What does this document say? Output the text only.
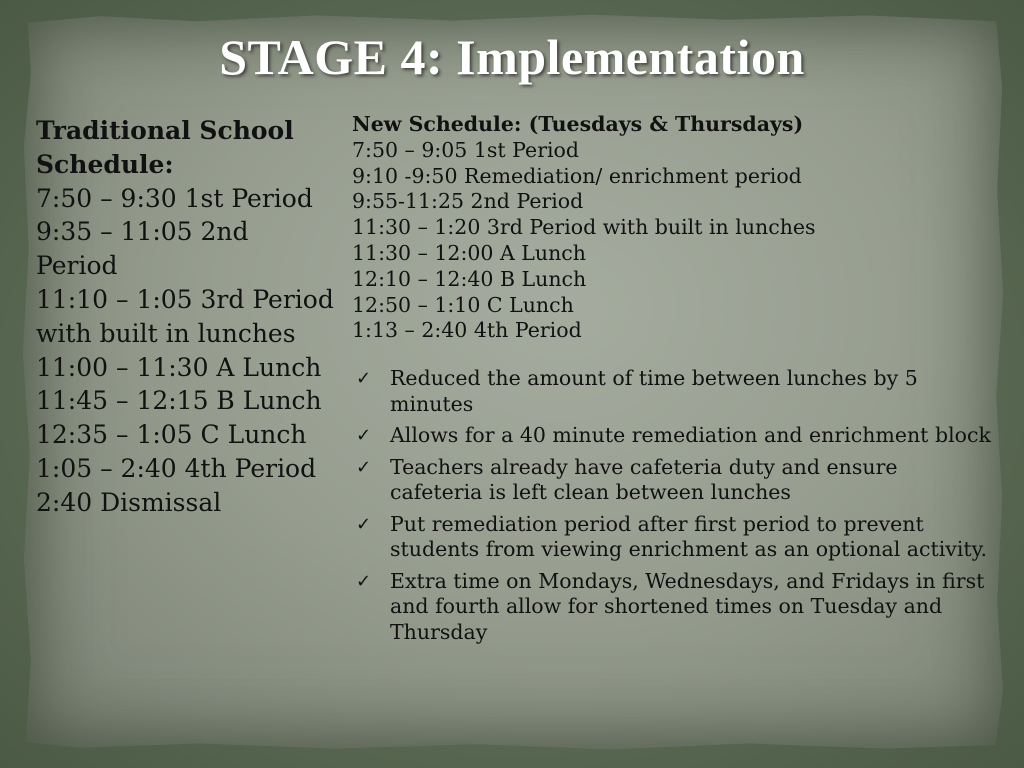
STAGE 4: Implementation
Traditional School Schedule:
7:50 – 9:30 1st Period
9:35 – 11:05 2nd Period
11:10 – 1:05 3rd Period with built in lunches
11:00 – 11:30 A Lunch
11:45 – 12:15 B Lunch
12:35 – 1:05 C Lunch
1:05 – 2:40 4th Period
2:40 Dismissal
New Schedule: (Tuesdays & Thursdays)
7:50 – 9:05 1st Period
9:10 -9:50 Remediation/ enrichment period
9:55-11:25 2nd Period
11:30 – 1:20 3rd Period with built in lunches
11:30 – 12:00 A Lunch
12:10 – 12:40 B Lunch
12:50 – 1:10 C Lunch
1:13 – 2:40 4th Period
✓ Reduced the amount of time between lunches by 5 minutes
✓ Allows for a 40 minute remediation and enrichment block
✓ Teachers already have cafeteria duty and ensure cafeteria is left clean between lunches
✓ Put remediation period after first period to prevent students from viewing enrichment as an optional activity.
✓ Extra time on Mondays, Wednesdays, and Fridays in first and fourth allow for shortened times on Tuesday and Thursday
